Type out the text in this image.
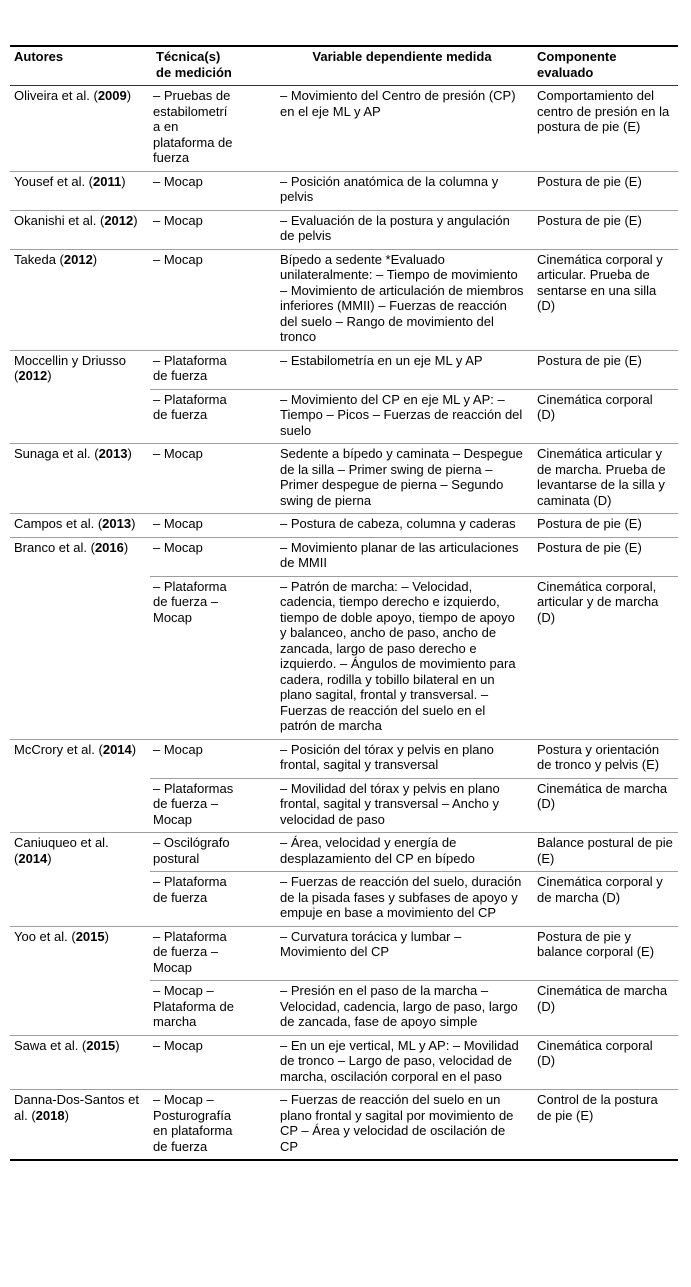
Autores	Técnica(s) de medición	Variable dependiente medida	Componente evaluado
Oliveira et al. (2009)	– Pruebas de estabilometría en plataforma de fuerza	– Movimiento del Centro de presión (CP) en el eje ML y AP	Comportamiento del centro de presión en la postura de pie (E)
Yousef et al. (2011)	– Mocap	– Posición anatómica de la columna y pelvis	Postura de pie (E)
Okanishi et al. (2012)	– Mocap	– Evaluación de la postura y angulación de pelvis	Postura de pie (E)
Takeda (2012)	– Mocap	Bípedo a sedente *Evaluado unilateralmente: – Tiempo de movimiento – Movimiento de articulación de miembros inferiores (MMII) – Fuerzas de reacción del suelo – Rango de movimiento del tronco	Cinemática corporal y articular. Prueba de sentarse en una silla (D)
Moccellin y Driusso (2012)	– Plataforma de fuerza	– Estabilometría en un eje ML y AP	Postura de pie (E)
	– Plataforma de fuerza	– Movimiento del CP en eje ML y AP: – Tiempo – Picos – Fuerzas de reacción del suelo	Cinemática corporal (D)
Sunaga et al. (2013)	– Mocap	Sedente a bípedo y caminata – Despegue de la silla – Primer swing de pierna – Primer despegue de pierna – Segundo swing de pierna	Cinemática articular y de marcha. Prueba de levantarse de la silla y caminata (D)
Campos et al. (2013)	– Mocap	– Postura de cabeza, columna y caderas	Postura de pie (E)
Branco et al. (2016)	– Mocap	– Movimiento planar de las articulaciones de MMII	Postura de pie (E)
	– Plataforma de fuerza – Mocap	– Patrón de marcha: – Velocidad, cadencia, tiempo derecho e izquierdo, tiempo de doble apoyo, tiempo de apoyo y balanceo, ancho de paso, ancho de zancada, largo de paso derecho e izquierdo. – Ángulos de movimiento para cadera, rodilla y tobillo bilateral en un plano sagital, frontal y transversal. – Fuerzas de reacción del suelo en el patrón de marcha	Cinemática corporal, articular y de marcha (D)
McCrory et al. (2014)	– Mocap	– Posición del tórax y pelvis en plano frontal, sagital y transversal	Postura y orientación de tronco y pelvis (E)
	– Plataformas de fuerza – Mocap	– Movilidad del tórax y pelvis en plano frontal, sagital y transversal – Ancho y velocidad de paso	Cinemática de marcha (D)
Caniuqueo et al. (2014)	– Oscilógrafo postural	– Área, velocidad y energía de desplazamiento del CP en bípedo	Balance postural de pie (E)
	– Plataforma de fuerza	– Fuerzas de reacción del suelo, duración de la pisada fases y subfases de apoyo y empuje en base a movimiento del CP	Cinemática corporal y de marcha (D)
Yoo et al. (2015)	– Plataforma de fuerza – Mocap	– Curvatura torácica y lumbar – Movimiento del CP	Postura de pie y balance corporal (E)
	– Mocap – Plataforma de marcha	– Presión en el paso de la marcha – Velocidad, cadencia, largo de paso, largo de zancada, fase de apoyo simple	Cinemática de marcha (D)
Sawa et al. (2015)	– Mocap	– En un eje vertical, ML y AP: – Movilidad de tronco – Largo de paso, velocidad de marcha, oscilación corporal en el paso	Cinemática corporal (D)
Danna-Dos-Santos et al. (2018)	– Mocap – Posturografía en plataforma de fuerza	– Fuerzas de reacción del suelo en un plano frontal y sagital por movimiento de CP – Área y velocidad de oscilación de CP	Control de la postura de pie (E)
